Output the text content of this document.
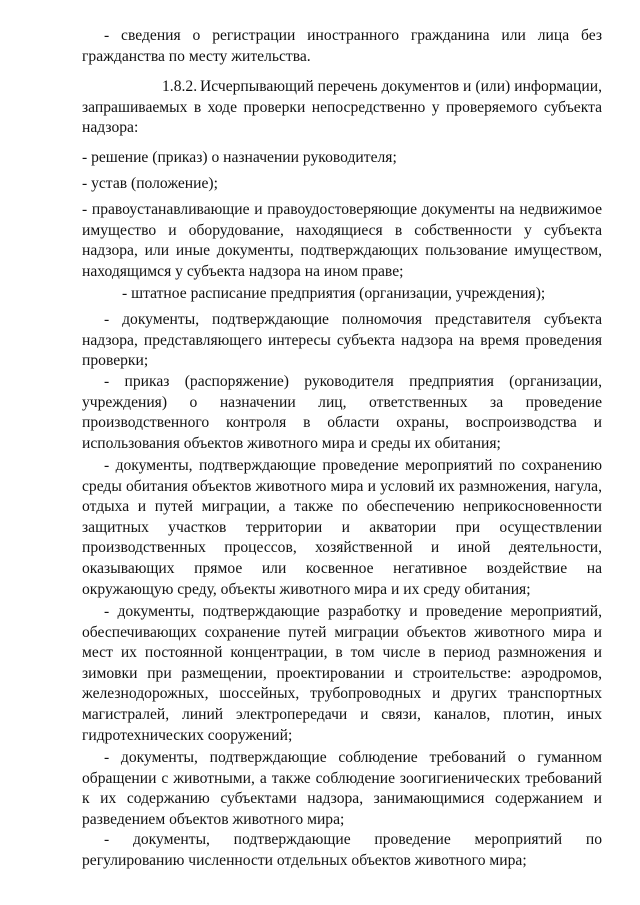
- сведения о регистрации иностранного гражданина или лица без гражданства по месту жительства.

1.8.2. Исчерпывающий перечень документов и (или) информации, запрашиваемых в ходе проверки непосредственно у проверяемого субъекта надзора:

- решение (приказ) о назначении руководителя;

- устав (положение);

- правоустанавливающие и правоудостоверяющие документы на недвижимое имущество и оборудование, находящиеся в собственности у субъекта надзора, или иные документы, подтверждающих пользование имуществом, находящимся у субъекта надзора на ином праве;

- штатное расписание предприятия (организации, учреждения);

- документы, подтверждающие полномочия представителя субъекта надзора, представляющего интересы субъекта надзора на время проведения проверки;

- приказ (распоряжение) руководителя предприятия (организации, учреждения) о назначении лиц, ответственных за проведение производственного контроля в области охраны, воспроизводства и использования объектов животного мира и среды их обитания;

- документы, подтверждающие проведение мероприятий по сохранению среды обитания объектов животного мира и условий их размножения, нагула, отдыха и путей миграции, а также по обеспечению неприкосновенности защитных участков территории и акватории при осуществлении производственных процессов, хозяйственной и иной деятельности, оказывающих прямое или косвенное негативное воздействие на окружающую среду, объекты животного мира и их среду обитания;

- документы, подтверждающие разработку и проведение мероприятий, обеспечивающих сохранение путей миграции объектов животного мира и мест их постоянной концентрации, в том числе в период размножения и зимовки при размещении, проектировании и строительстве: аэродромов, железнодорожных, шоссейных, трубопроводных и других транспортных магистралей, линий электропередачи и связи, каналов, плотин, иных гидротехнических сооружений;

- документы, подтверждающие соблюдение требований о гуманном обращении с животными, а также соблюдение зоогигиенических требований к их содержанию субъектами надзора, занимающимися содержанием и разведением объектов животного мира;

- документы, подтверждающие проведение мероприятий по регулированию численности отдельных объектов животного мира;
